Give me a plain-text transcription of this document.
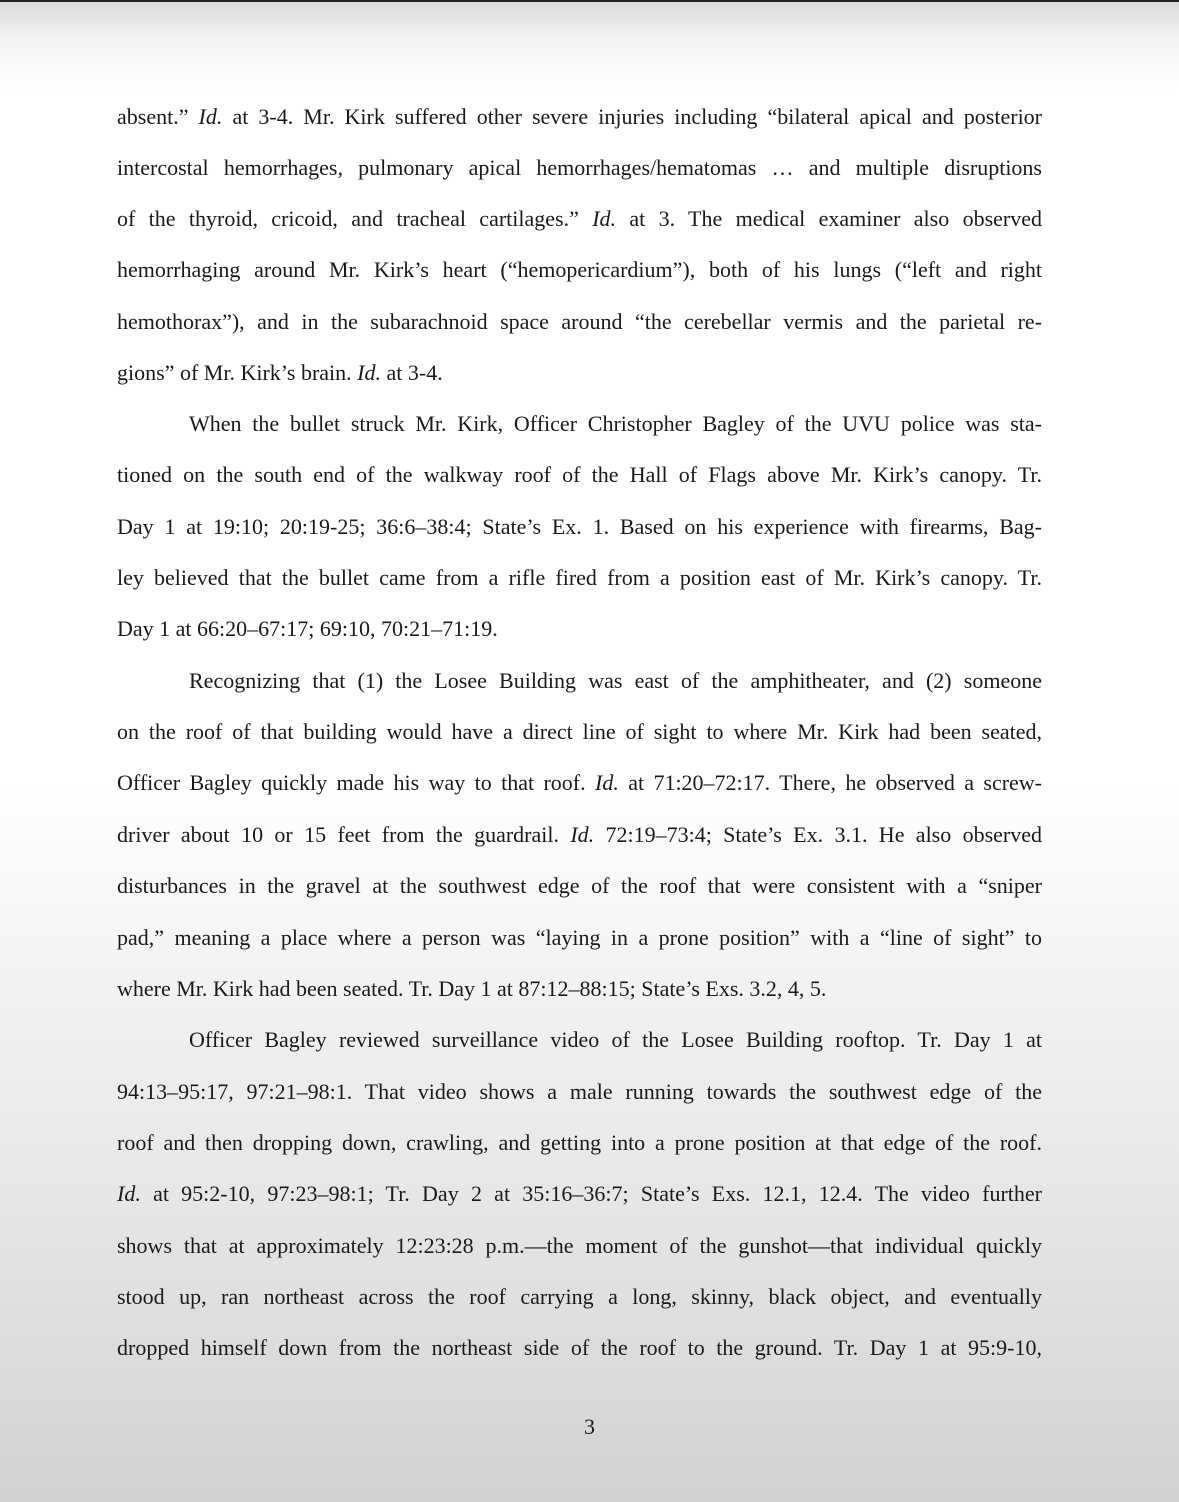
absent.” Id. at 3-4. Mr. Kirk suffered other severe injuries including “bilateral apical and posterior
intercostal hemorrhages, pulmonary apical hemorrhages/hematomas … and multiple disruptions
of the thyroid, cricoid, and tracheal cartilages.” Id. at 3. The medical examiner also observed
hemorrhaging around Mr. Kirk’s heart (“hemopericardium”), both of his lungs (“left and right
hemothorax”), and in the subarachnoid space around “the cerebellar vermis and the parietal re-
gions” of Mr. Kirk’s brain. Id. at 3-4.
When the bullet struck Mr. Kirk, Officer Christopher Bagley of the UVU police was sta-
tioned on the south end of the walkway roof of the Hall of Flags above Mr. Kirk’s canopy. Tr.
Day 1 at 19:10; 20:19-25; 36:6–38:4; State’s Ex. 1. Based on his experience with firearms, Bag-
ley believed that the bullet came from a rifle fired from a position east of Mr. Kirk’s canopy. Tr.
Day 1 at 66:20–67:17; 69:10, 70:21–71:19.
Recognizing that (1) the Losee Building was east of the amphitheater, and (2) someone
on the roof of that building would have a direct line of sight to where Mr. Kirk had been seated,
Officer Bagley quickly made his way to that roof. Id. at 71:20–72:17. There, he observed a screw-
driver about 10 or 15 feet from the guardrail. Id. 72:19–73:4; State’s Ex. 3.1. He also observed
disturbances in the gravel at the southwest edge of the roof that were consistent with a “sniper
pad,” meaning a place where a person was “laying in a prone position” with a “line of sight” to
where Mr. Kirk had been seated. Tr. Day 1 at 87:12–88:15; State’s Exs. 3.2, 4, 5.
Officer Bagley reviewed surveillance video of the Losee Building rooftop. Tr. Day 1 at
94:13–95:17, 97:21–98:1. That video shows a male running towards the southwest edge of the
roof and then dropping down, crawling, and getting into a prone position at that edge of the roof.
Id. at 95:2-10, 97:23–98:1; Tr. Day 2 at 35:16–36:7; State’s Exs. 12.1, 12.4. The video further
shows that at approximately 12:23:28 p.m.—the moment of the gunshot—that individual quickly
stood up, ran northeast across the roof carrying a long, skinny, black object, and eventually
dropped himself down from the northeast side of the roof to the ground. Tr. Day 1 at 95:9-10,
3
